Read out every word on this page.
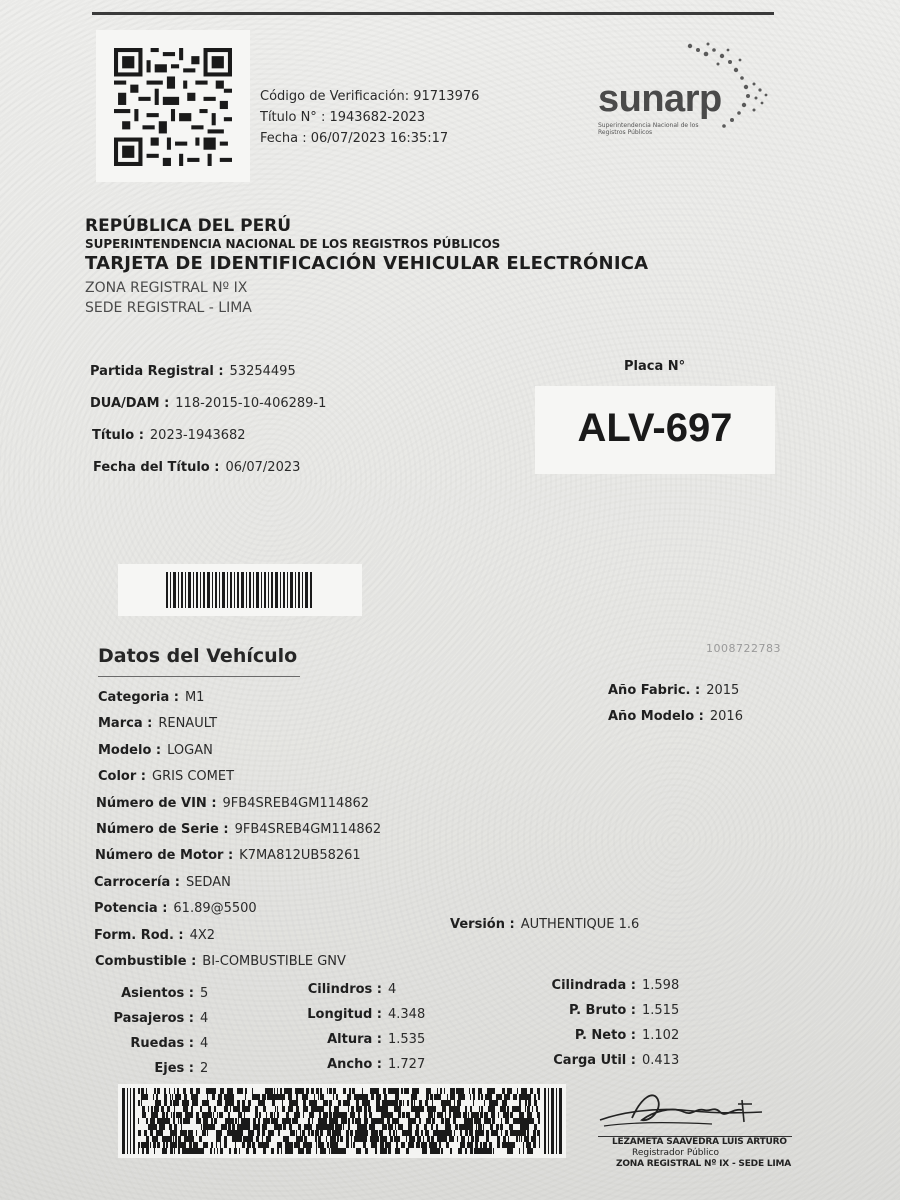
Código de Verificación: 91713976
Título N° : 1943682-2023
Fecha : 06/07/2023 16:35:17
sunarp
Superintendencia Nacional de los Registros Públicos
REPÚBLICA DEL PERÚ
SUPERINTENDENCIA NACIONAL DE LOS REGISTROS PÚBLICOS
TARJETA DE IDENTIFICACIÓN VEHICULAR ELECTRÓNICA
ZONA REGISTRAL Nº IX
SEDE REGISTRAL - LIMA
Partida Registral : 53254495
DUA/DAM : 118-2015-10-406289-1
Título : 2023-1943682
Fecha del Título : 06/07/2023
Placa N°
ALV-697
1008722783
Datos del Vehículo
Categoria : M1
Marca : RENAULT
Modelo : LOGAN
Color : GRIS COMET
Número de VIN : 9FB4SREB4GM114862
Número de Serie : 9FB4SREB4GM114862
Número de Motor : K7MA812UB58261
Carrocería : SEDAN
Potencia : 61.89@5500
Form. Rod. : 4X2
Combustible : BI-COMBUSTIBLE GNV
Año Fabric. : 2015
Año Modelo : 2016
Versión : AUTHENTIQUE 1.6
Asientos : 5
Pasajeros : 4
Ruedas : 4
Ejes : 2
Cilindros : 4
Longitud : 4.348
Altura : 1.535
Ancho : 1.727
Cilindrada : 1.598
P. Bruto : 1.515
P. Neto : 1.102
Carga Util : 0.413
LEZAMETA SAAVEDRA LUIS ARTURO
Registrador Público
ZONA REGISTRAL Nº IX - SEDE LIMA
